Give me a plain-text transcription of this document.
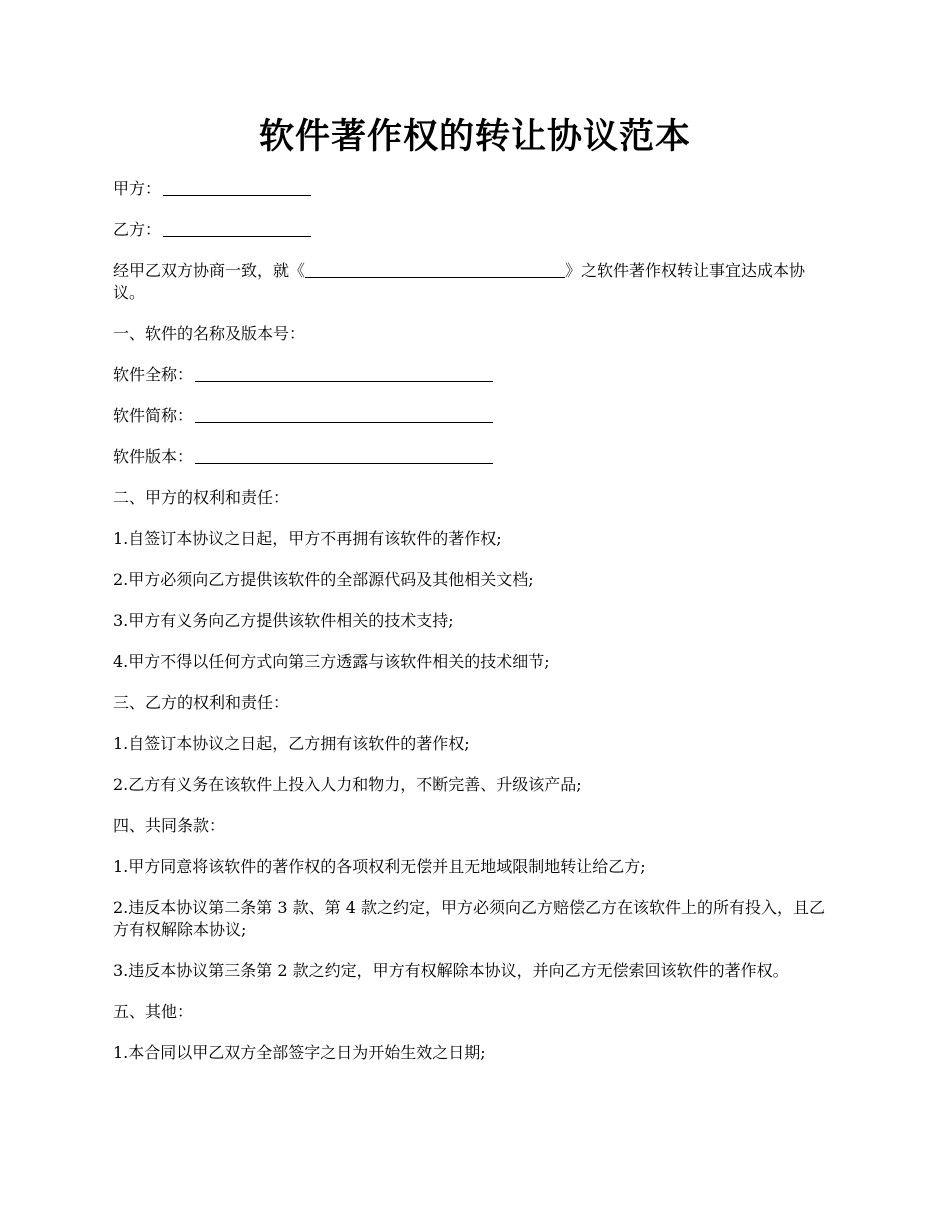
软件著作权的转让协议范本

甲方：

乙方：

经甲乙双方协商一致，就《	》之软件著作权转让事宜达成本协议。

一、软件的名称及版本号：

软件全称：

软件简称：

软件版本：

二、甲方的权利和责任：

1.自签订本协议之日起，甲方不再拥有该软件的著作权;

2.甲方必须向乙方提供该软件的全部源代码及其他相关文档;

3.甲方有义务向乙方提供该软件相关的技术支持;

4.甲方不得以任何方式向第三方透露与该软件相关的技术细节;

三、乙方的权利和责任：

1.自签订本协议之日起，乙方拥有该软件的著作权;

2.乙方有义务在该软件上投入人力和物力，不断完善、升级该产品;

四、共同条款：

1.甲方同意将该软件的著作权的各项权利无偿并且无地域限制地转让给乙方;

2.违反本协议第二条第 3 款、第 4 款之约定，甲方必须向乙方赔偿乙方在该软件上的所有投入，且乙方有权解除本协议;

3.违反本协议第三条第 2 款之约定，甲方有权解除本协议，并向乙方无偿索回该软件的著作权。

五、其他：

1.本合同以甲乙双方全部签字之日为开始生效之日期;
